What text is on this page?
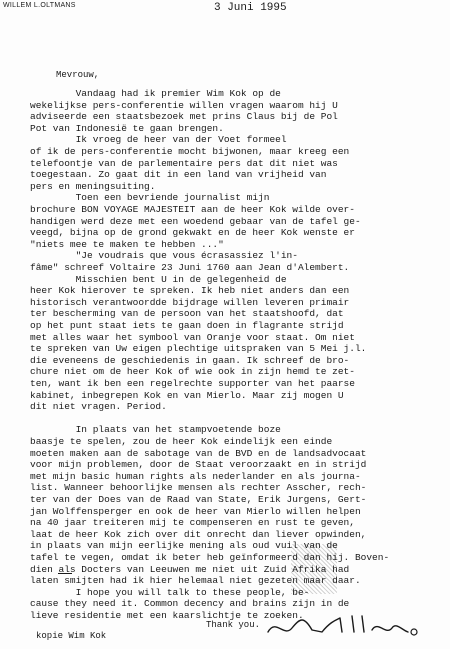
WILLEM L.OLTMANS	3 Juni 1995
Mevrouw,
Vandaag had ik premier Wim Kok op de
wekelijkse pers-conferentie willen vragen waarom hij U
adviseerde een staatsbezoek met prins Claus bij de Pol
Pot van Indonesië te gaan brengen.
Ik vroeg de heer van der Voet formeel
of ik de pers-conferentie mocht bijwonen, maar kreeg een
telefoontje van de parlementaire pers dat dit niet was
toegestaan. Zo gaat dit in een land van vrijheid van
pers en meningsuiting.
Toen een bevriende journalist mijn
brochure BON VOYAGE MAJESTEIT aan de heer Kok wilde over-
handigen werd deze met een woedend gebaar van de tafel ge-
veegd, bijna op de grond gekwakt en de heer Kok wenste er
"niets mee te maken te hebben ..."
"Je voudrais que vous écrasassiez l'in-
fâme" schreef Voltaire 23 Juni 1760 aan Jean d'Alembert.
Misschien bent U in de gelegenheid de
heer Kok hierover te spreken. Ik heb niet anders dan een
historisch verantwoordde bijdrage willen leveren primair
ter bescherming van de persoon van het staatshoofd, dat
op het punt staat iets te gaan doen in flagrante strijd
met alles waar het symbool van Oranje voor staat. Om niet
te spreken van Uw eigen plechtige uitspraken van 5 Mei j.l.
die eveneens de geschiedenis in gaan. Ik schreef de bro-
chure niet om de heer Kok of wie ook in zijn hemd te zet-
ten, want ik ben een regelrechte supporter van het paarse
kabinet, inbegrepen Kok en van Mierlo. Maar zij mogen U
dit niet vragen. Period.
In plaats van het stampvoetende boze
baasje te spelen, zou de heer Kok eindelijk een einde
moeten maken aan de sabotage van de BVD en de landsadvocaat
voor mijn problemen, door de Staat veroorzaakt en in strijd
met mijn basic human rights als nederlander en als journa-
list. Wanneer behoorlijke mensen als rechter Asscher, rech-
ter van der Does van de Raad van State, Erik Jurgens, Gert-
jan Wolffensperger en ook de heer van Mierlo willen helpen
na 40 jaar treiteren mij te compenseren en rust te geven,
laat de heer Kok zich over dit onrecht dan liever opwinden,
in plaats van mijn eerlijke mening als oud vuil van de
tafel te vegen, omdat ik beter heb geïnformeerd dan hij. Boven-
dien als Docters van Leeuwen me niet uit Zuid Afrika had
laten smijten had ik hier helemaal niet gezeten maar daar.
I hope you will talk to these people, be-
cause they need it. Common decency and brains zijn in de
lieve residentie met een kaarslichtje te zoeken.
Thank you.
kopie Wim Kok
